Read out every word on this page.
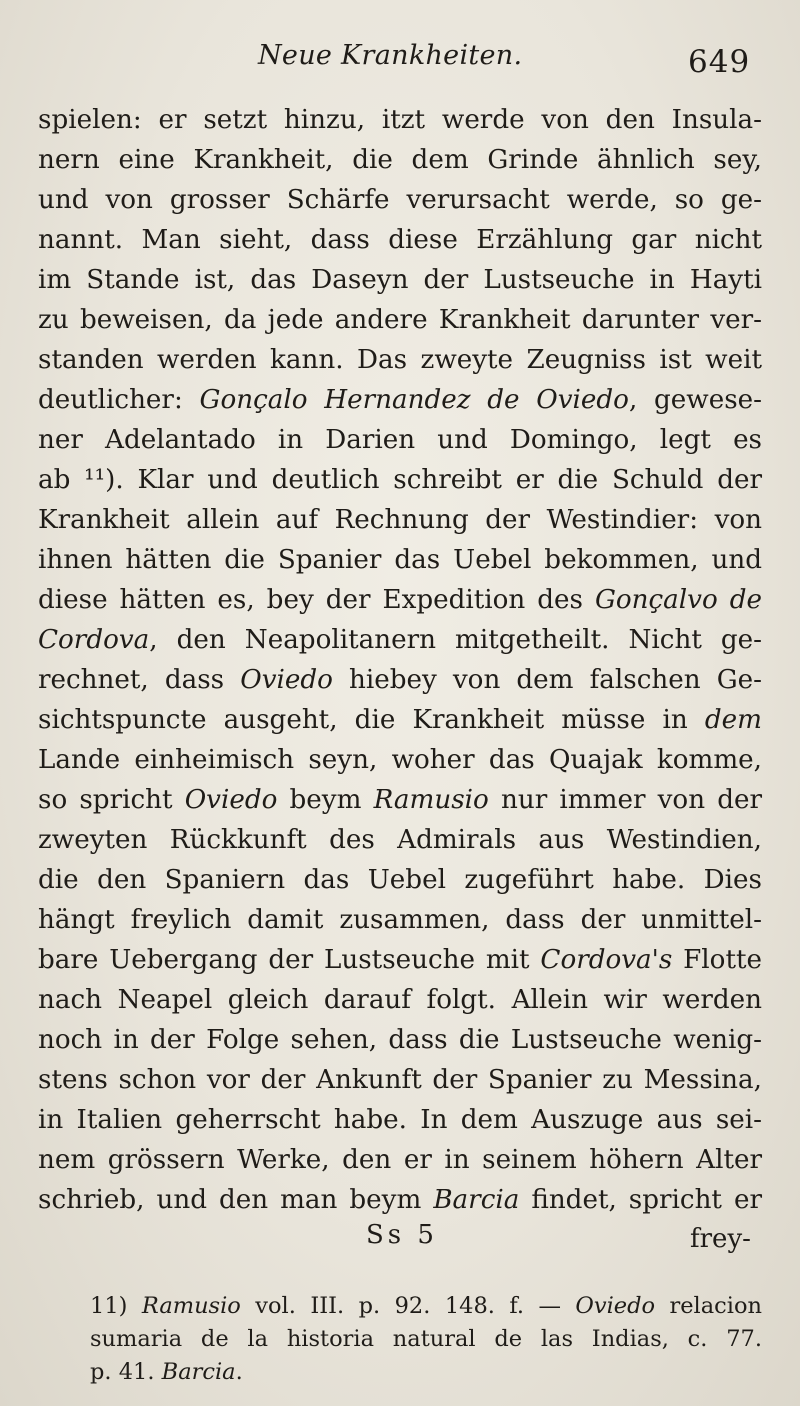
Neue Krankheiten.	649
spielen: er setzt hinzu, itzt werde von den Insula-
nern eine Krankheit, die dem Grinde ähnlich sey,
und von grosser Schärfe verursacht werde, so ge-
nannt. Man sieht, dass diese Erzählung gar nicht
im Stande ist, das Daseyn der Lustseuche in Hayti
zu beweisen, da jede andere Krankheit darunter ver-
standen werden kann. Das zweyte Zeugniss ist weit
deutlicher: Gonçalo Hernandez de Oviedo, gewese-
ner Adelantado in Darien und Domingo, legt es
ab ¹¹). Klar und deutlich schreibt er die Schuld der
Krankheit allein auf Rechnung der Westindier: von
ihnen hätten die Spanier das Uebel bekommen, und
diese hätten es, bey der Expedition des Gonçalvo de
Cordova, den Neapolitanern mitgetheilt. Nicht ge-
rechnet, dass Oviedo hiebey von dem falschen Ge-
sichtspuncte ausgeht, die Krankheit müsse in dem
Lande einheimisch seyn, woher das Quajak komme,
so spricht Oviedo beym Ramusio nur immer von der
zweyten Rückkunft des Admirals aus Westindien,
die den Spaniern das Uebel zugeführt habe. Dies
hängt freylich damit zusammen, dass der unmittel-
bare Uebergang der Lustseuche mit Cordova's Flotte
nach Neapel gleich darauf folgt. Allein wir werden
noch in der Folge sehen, dass die Lustseuche wenig-
stens schon vor der Ankunft der Spanier zu Messina,
in Italien geherrscht habe. In dem Auszuge aus sei-
nem grössern Werke, den er in seinem höhern Alter
schrieb, und den man beym Barcia findet, spricht er
Ss 5	frey-
11) Ramusio vol. III. p. 92. 148. f. — Oviedo relacion
sumaria de la historia natural de las Indias, c. 77.
p. 41. Barcia.
